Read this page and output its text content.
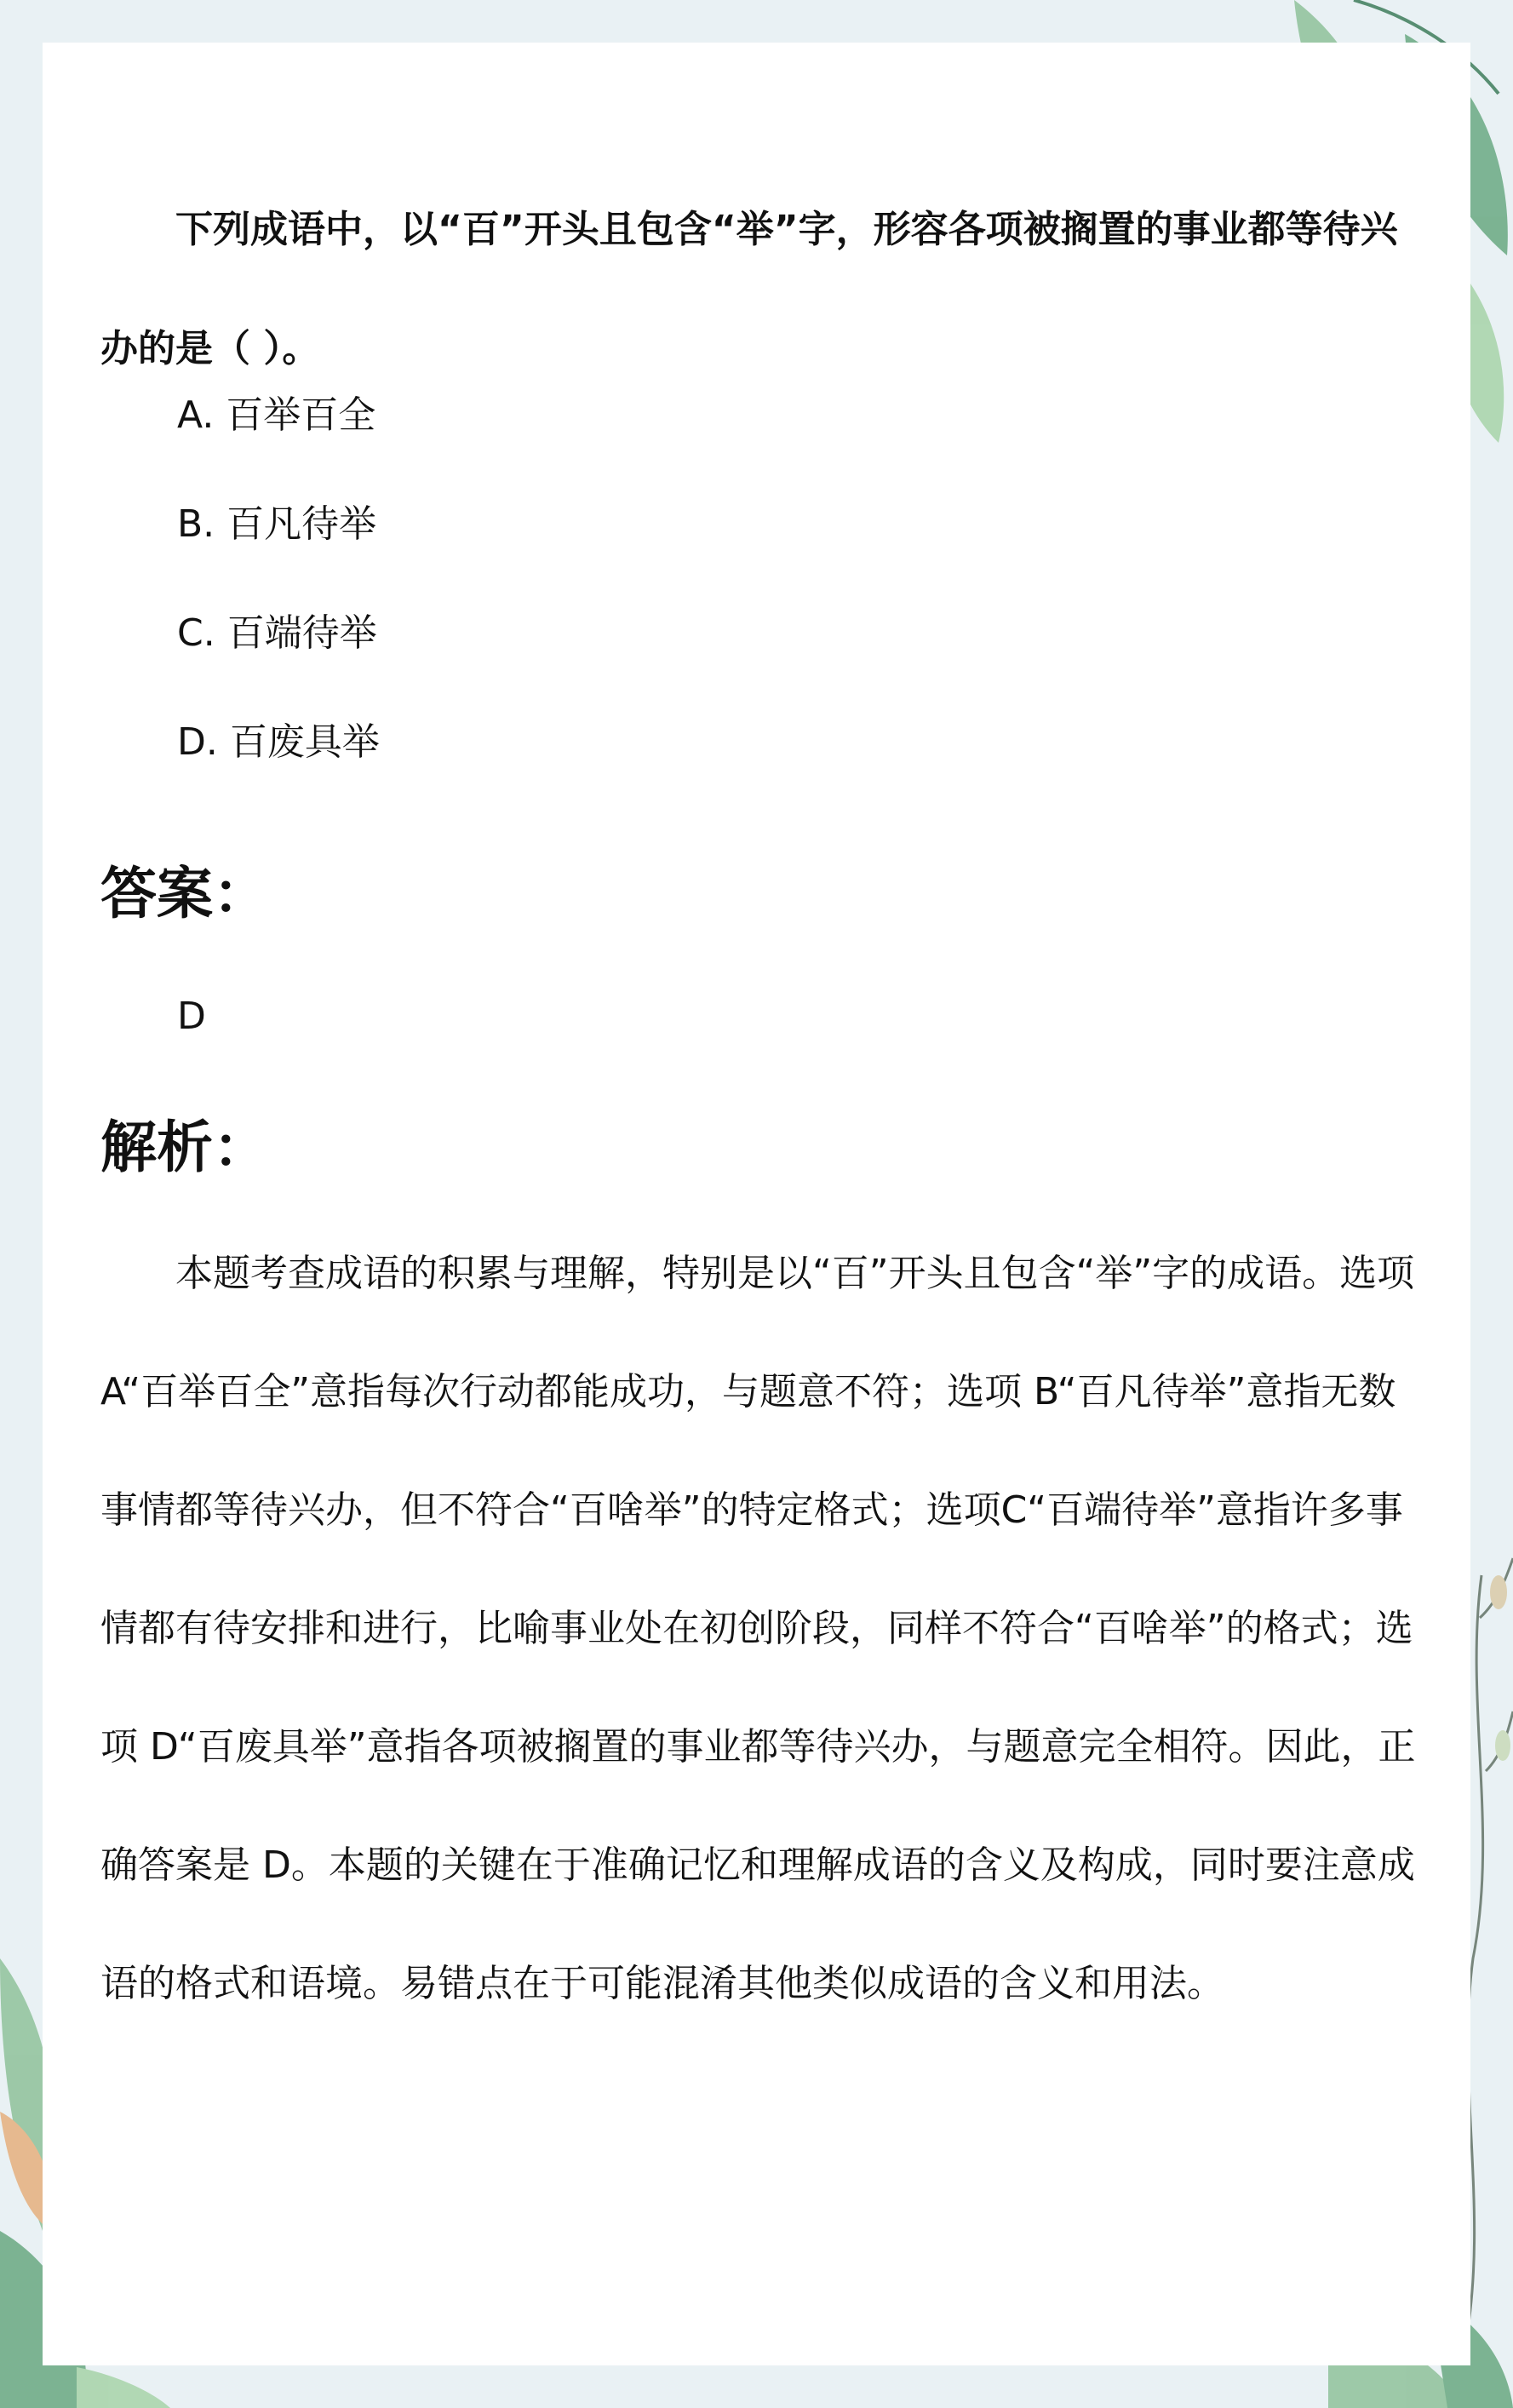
下列成语中，以“百”开头且包含“举”字，形容各项被搁置的事业都等待兴办的是（ ）。

A. 百举百全

B. 百凡待举

C. 百端待举

D. 百废具举

答案：

D

解析：

本题考查成语的积累与理解，特别是以“百”开头且包含“举”字的成语。选项 A“百举百全”意指每次行动都能成功，与题意不符；选项 B“百凡待举”意指无数事情都等待兴办，但不符合“百啥举”的特定格式；选项C“百端待举”意指许多事情都有待安排和进行，比喻事业处在初创阶段，同样不符合“百啥举”的格式；选项 D“百废具举”意指各项被搁置的事业都等待兴办，与题意完全相符。因此，正确答案是 D。本题的关键在于准确记忆和理解成语的含义及构成，同时要注意成语的格式和语境。易错点在于可能混淆其他类似成语的含义和用法。
